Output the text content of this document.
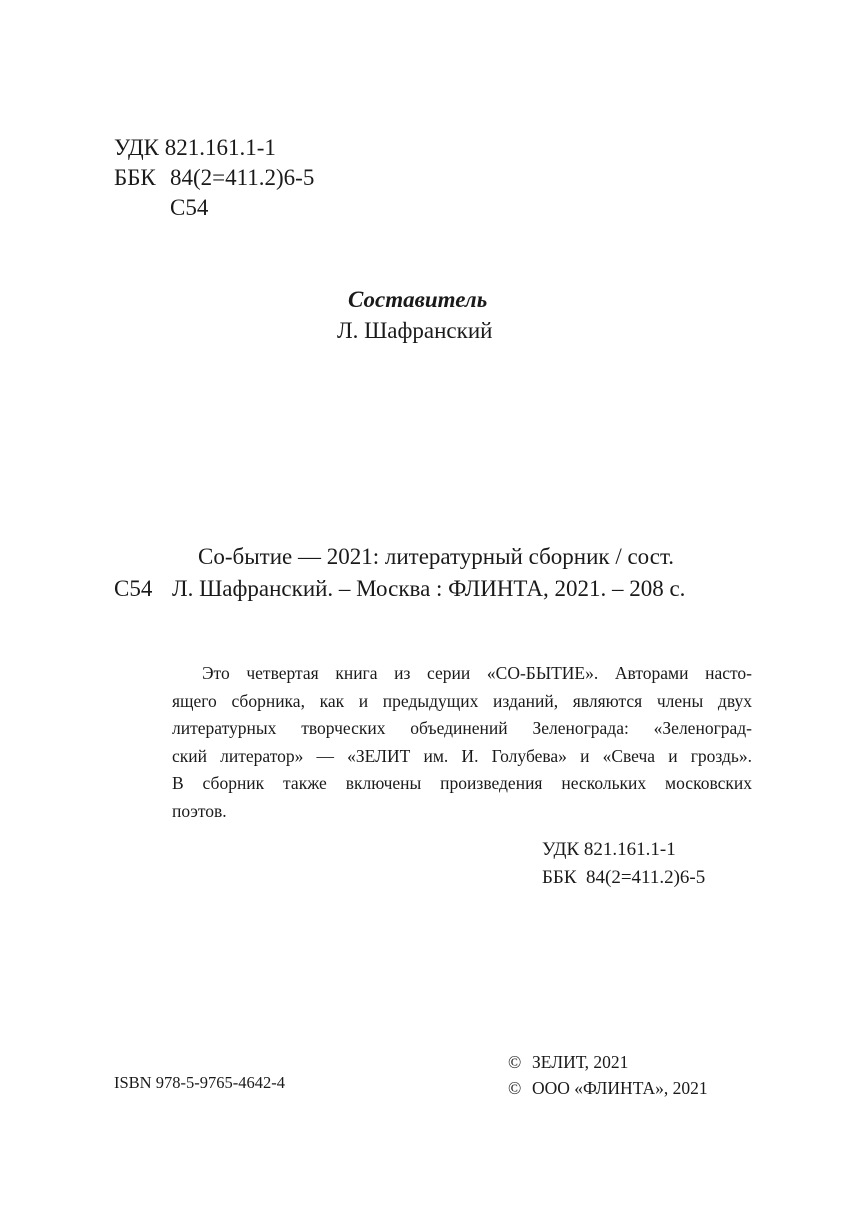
УДК 821.161.1-1
ББК 84(2=411.2)6-5
С54
Составитель
Л. Шафранский
Со-бытие — 2021: литературный сборник / сост.
С54 Л. Шафранский. – Москва : ФЛИНТА, 2021. – 208 с.
Это четвертая книга из серии «СО-БЫТИЕ». Авторами насто-
ящего сборника, как и предыдущих изданий, являются члены двух
литературных творческих объединений Зеленограда: «Зеленоград-
ский литератор» — «ЗЕЛИТ им. И. Голубева» и «Свеча и гроздь».
В сборник также включены произведения нескольких московских
поэтов.
УДК 821.161.1-1
ББК  84(2=411.2)6-5
ISBN 978-5-9765-4642-4
© ЗЕЛИТ, 2021
© ООО «ФЛИНТА», 2021
